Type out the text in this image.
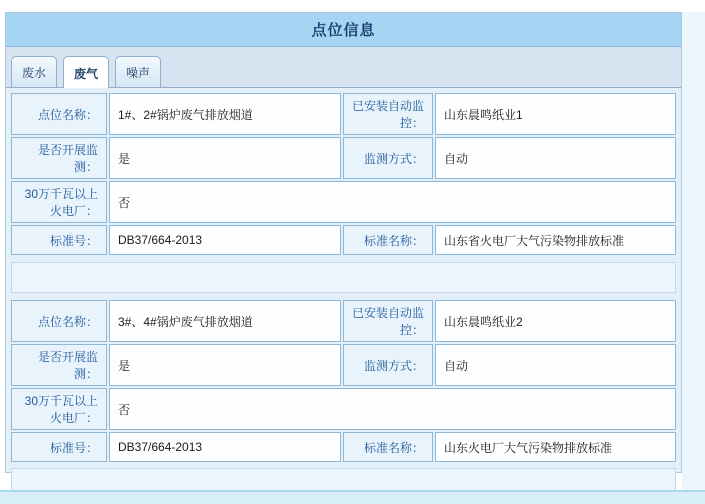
点位信息
废水	废气	噪声
点位名称：	1#、2#锅炉废气排放烟道	已安装自动监控：	山东晨鸣纸业1
是否开展监测：	是	监测方式：	自动
30万千瓦以上 火电厂：	否		
标准号：	DB37/664-2013	标准名称：	山东省火电厂大气污染物排放标准
点位名称：	3#、4#锅炉废气排放烟道	已安装自动监控：	山东晨鸣纸业2
是否开展监测：	是	监测方式：	自动
30万千瓦以上 火电厂：	否		
标准号：	DB37/664-2013	标准名称：	山东火电厂大气污染物排放标准
